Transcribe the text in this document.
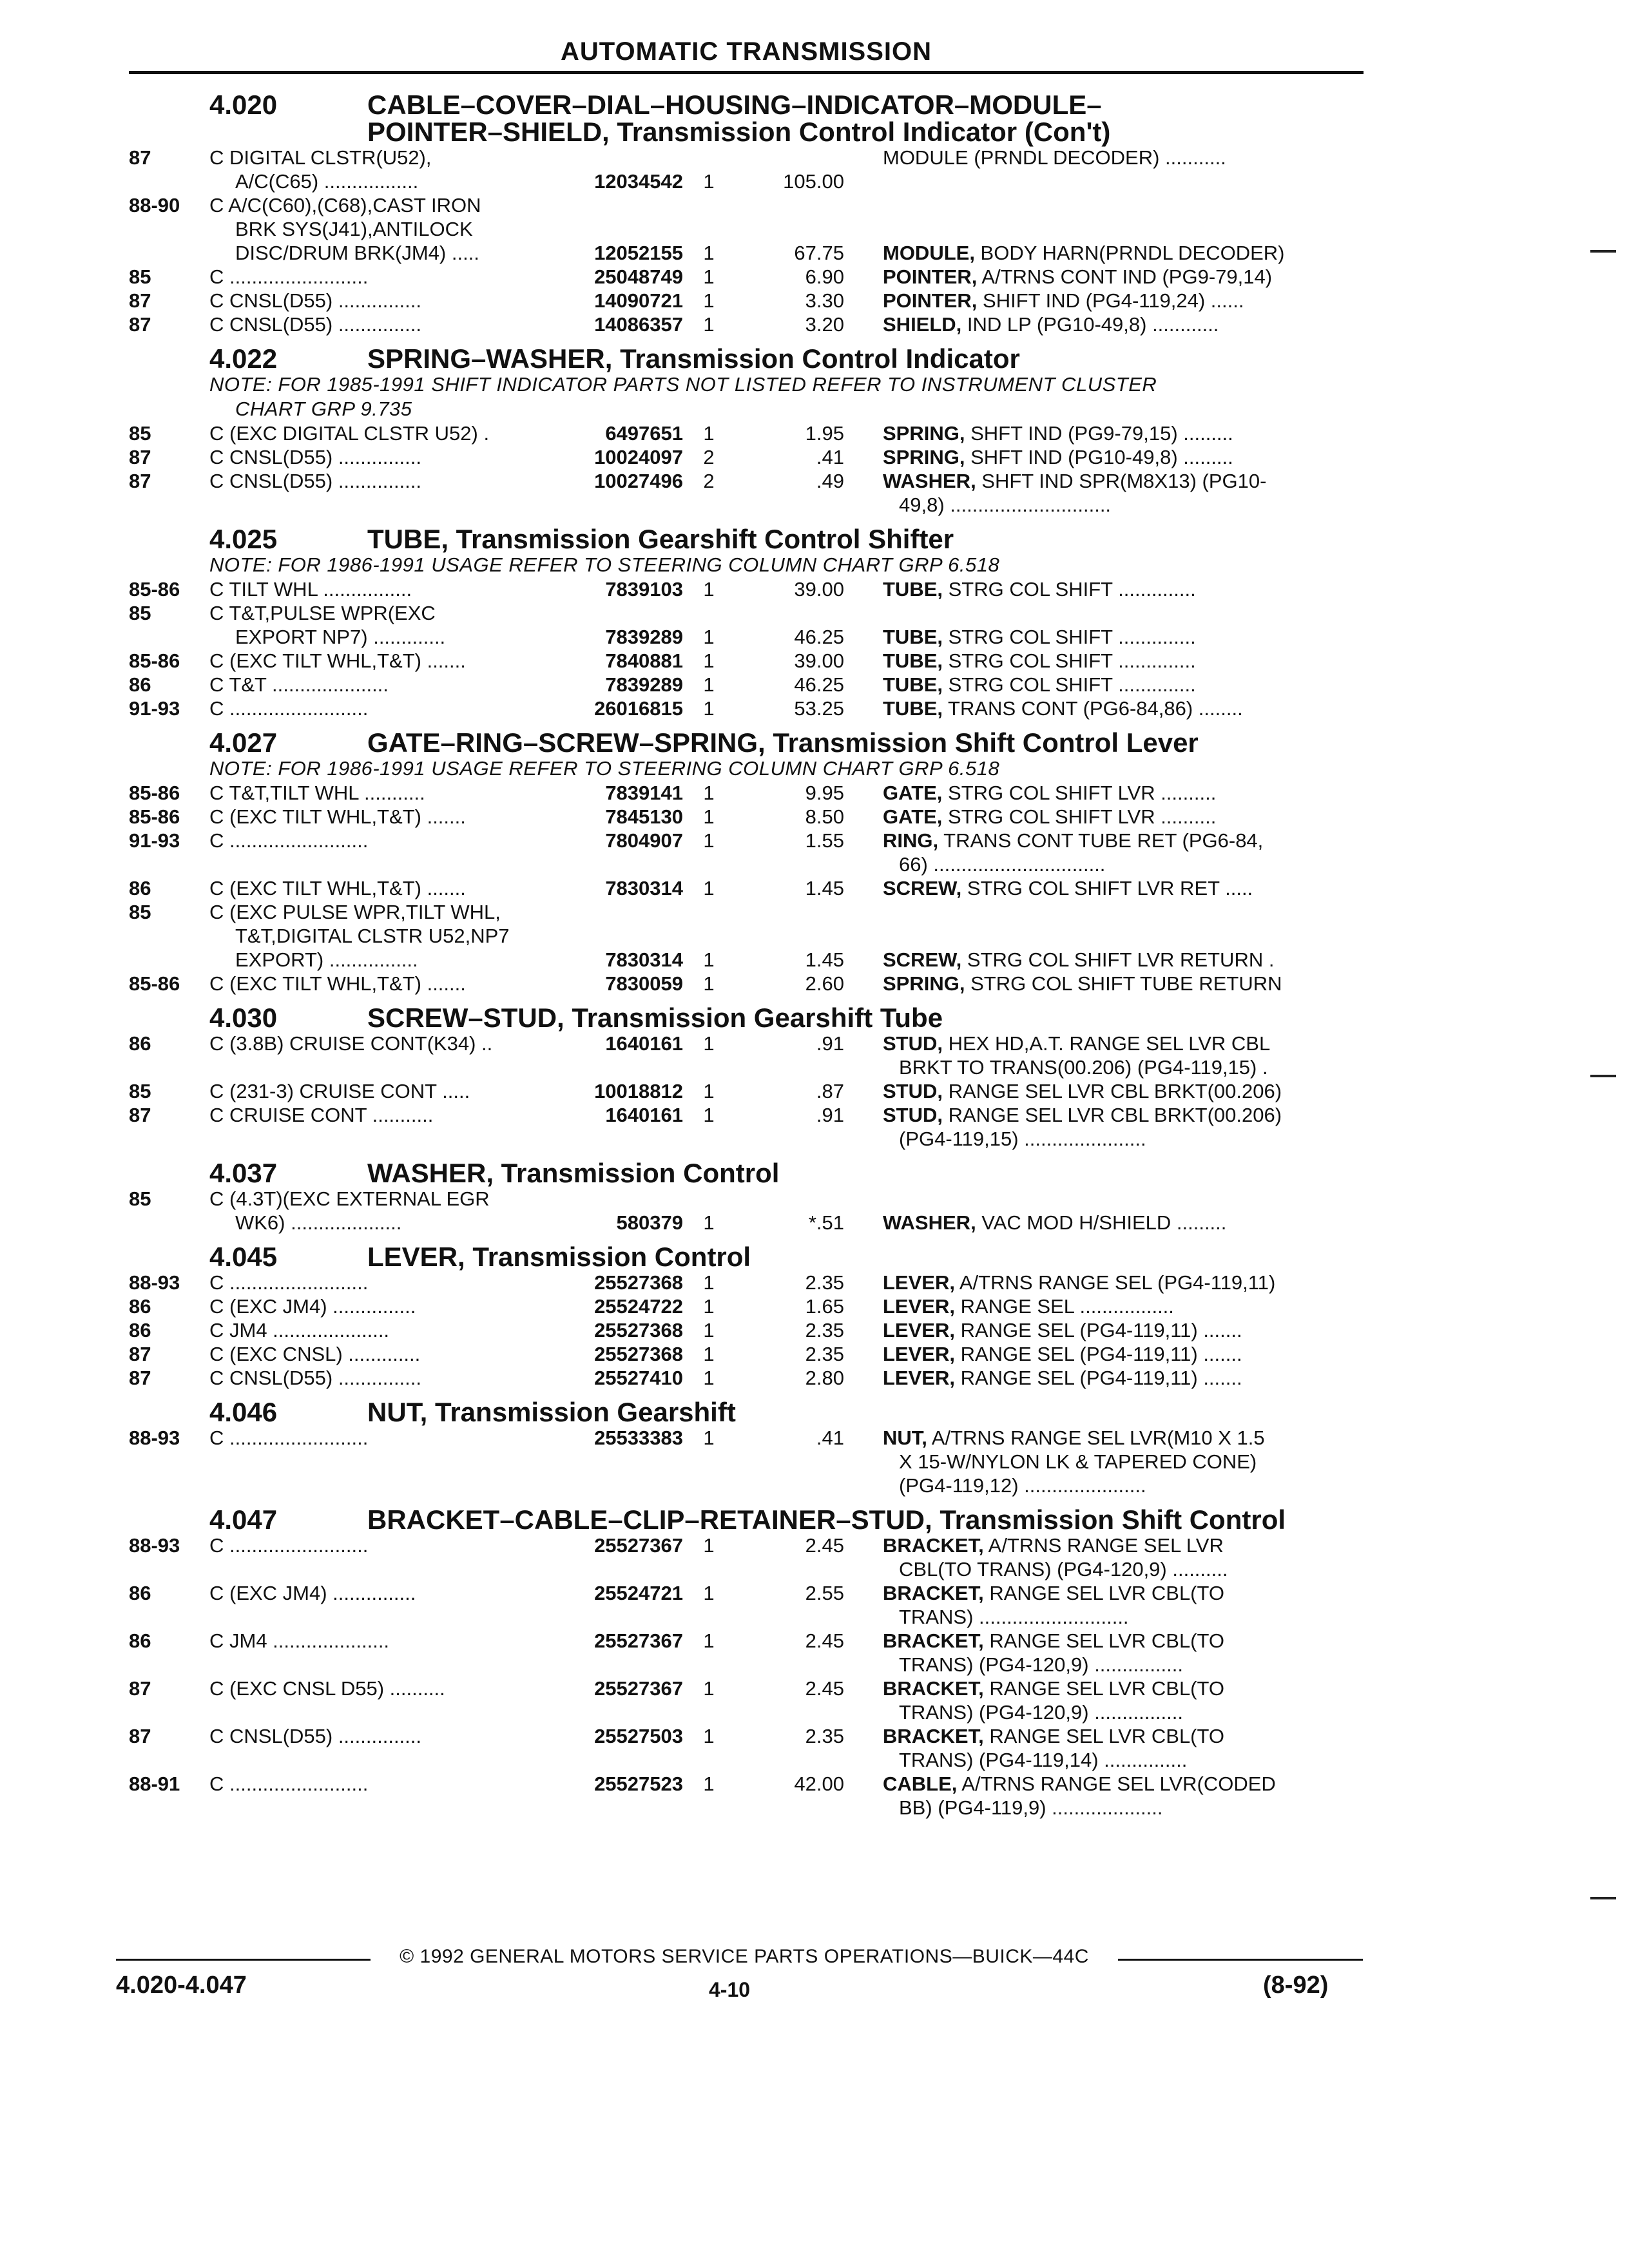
AUTOMATIC TRANSMISSION
4.020	CABLE–COVER–DIAL–HOUSING–INDICATOR–MODULE–
POINTER–SHIELD, Transmission Control Indicator (Con't)
87	C DIGITAL CLSTR(U52),
A/C(C65) .................	12034542	1	105.00
MODULE (PRNDL DECODER) ...........
88-90	C A/C(C60),(C68),CAST IRON
BRK SYS(J41),ANTILOCK
DISC/DRUM BRK(JM4) .....	12052155	1	67.75 MODULE, BODY HARN(PRNDL DECODER)
85	C .........................	25048749	1	6.90 POINTER, A/TRNS CONT IND (PG9-79,14)
87	C CNSL(D55) ...............	14090721	1	3.30 POINTER, SHIFT IND (PG4-119,24) ......
87	C CNSL(D55) ...............	14086357	1	3.20 SHIELD, IND LP (PG10-49,8) ............
4.022	SPRING–WASHER, Transmission Control Indicator
NOTE: FOR 1985-1991 SHIFT INDICATOR PARTS NOT LISTED REFER TO INSTRUMENT CLUSTER
CHART GRP 9.735
85	C (EXC DIGITAL CLSTR U52) .	6497651	1	1.95 SPRING, SHFT IND (PG9-79,15) .........
87	C CNSL(D55) ...............	10024097	2	.41 SPRING, SHFT IND (PG10-49,8) .........
87	C CNSL(D55) ...............	10027496	2	.49 WASHER, SHFT IND SPR(M8X13) (PG10-
49,8) .............................
4.025	TUBE, Transmission Gearshift Control Shifter
NOTE: FOR 1986-1991 USAGE REFER TO STEERING COLUMN CHART GRP 6.518
85-86	C TILT WHL ................	7839103	1	39.00 TUBE, STRG COL SHIFT ..............
85	C T&T,PULSE WPR(EXC
EXPORT NP7) .............	7839289	1	46.25 TUBE, STRG COL SHIFT ..............
85-86	C (EXC TILT WHL,T&T) .......	7840881	1	39.00 TUBE, STRG COL SHIFT ..............
86	C T&T .....................	7839289	1	46.25 TUBE, STRG COL SHIFT ..............
91-93	C .........................	26016815	1	53.25 TUBE, TRANS CONT (PG6-84,86) ........
4.027	GATE–RING–SCREW–SPRING, Transmission Shift Control Lever
NOTE: FOR 1986-1991 USAGE REFER TO STEERING COLUMN CHART GRP 6.518
85-86	C T&T,TILT WHL ...........	7839141	1	9.95 GATE, STRG COL SHIFT LVR ..........
85-86	C (EXC TILT WHL,T&T) .......	7845130	1	8.50 GATE, STRG COL SHIFT LVR ..........
91-93	C .........................	7804907	1	1.55 RING, TRANS CONT TUBE RET (PG6-84,
66) ...............................
86	C (EXC TILT WHL,T&T) .......	7830314	1	1.45 SCREW, STRG COL SHIFT LVR RET .....
85	C (EXC PULSE WPR,TILT WHL,
T&T,DIGITAL CLSTR U52,NP7
EXPORT) ................	7830314	1	1.45 SCREW, STRG COL SHIFT LVR RETURN .
85-86	C (EXC TILT WHL,T&T) .......	7830059	1	2.60 SPRING, STRG COL SHIFT TUBE RETURN
4.030	SCREW–STUD, Transmission Gearshift Tube
86	C (3.8B) CRUISE CONT(K34) ..	1640161	1	.91 STUD, HEX HD,A.T. RANGE SEL LVR CBL
BRKT TO TRANS(00.206) (PG4-119,15) .
85	C (231-3) CRUISE CONT .....	10018812	1	.87 STUD, RANGE SEL LVR CBL BRKT(00.206)
87	C CRUISE CONT ...........	1640161	1	.91 STUD, RANGE SEL LVR CBL BRKT(00.206)
(PG4-119,15) ......................
4.037	WASHER, Transmission Control
85	C (4.3T)(EXC EXTERNAL EGR
WK6) ....................	580379	1	*.51 WASHER, VAC MOD H/SHIELD .........
4.045	LEVER, Transmission Control
88-93	C .........................	25527368	1	2.35 LEVER, A/TRNS RANGE SEL (PG4-119,11)
86	C (EXC JM4) ...............	25524722	1	1.65 LEVER, RANGE SEL .................
86	C JM4 .....................	25527368	1	2.35 LEVER, RANGE SEL (PG4-119,11) .......
87	C (EXC CNSL) .............	25527368	1	2.35 LEVER, RANGE SEL (PG4-119,11) .......
87	C CNSL(D55) ...............	25527410	1	2.80 LEVER, RANGE SEL (PG4-119,11) .......
4.046	NUT, Transmission Gearshift
88-93	C .........................	25533383	1	.41 NUT, A/TRNS RANGE SEL LVR(M10 X 1.5
X 15-W/NYLON LK & TAPERED CONE)
(PG4-119,12) ......................
4.047	BRACKET–CABLE–CLIP–RETAINER–STUD, Transmission Shift Control
88-93	C .........................	25527367	1	2.45 BRACKET, A/TRNS RANGE SEL LVR
CBL(TO TRANS) (PG4-120,9) ..........
86	C (EXC JM4) ...............	25524721	1	2.55 BRACKET, RANGE SEL LVR CBL(TO
TRANS) ...........................
86	C JM4 .....................	25527367	1	2.45 BRACKET, RANGE SEL LVR CBL(TO
TRANS) (PG4-120,9) ................
87	C (EXC CNSL D55) ..........	25527367	1	2.45 BRACKET, RANGE SEL LVR CBL(TO
TRANS) (PG4-120,9) ................
87	C CNSL(D55) ...............	25527503	1	2.35 BRACKET, RANGE SEL LVR CBL(TO
TRANS) (PG4-119,14) ...............
88-91	C .........................	25527523	1	42.00 CABLE, A/TRNS RANGE SEL LVR(CODED
BB) (PG4-119,9) ....................
© 1992 GENERAL MOTORS SERVICE PARTS OPERATIONS—BUICK—44C
4.020-4.047	4-10	(8-92)
